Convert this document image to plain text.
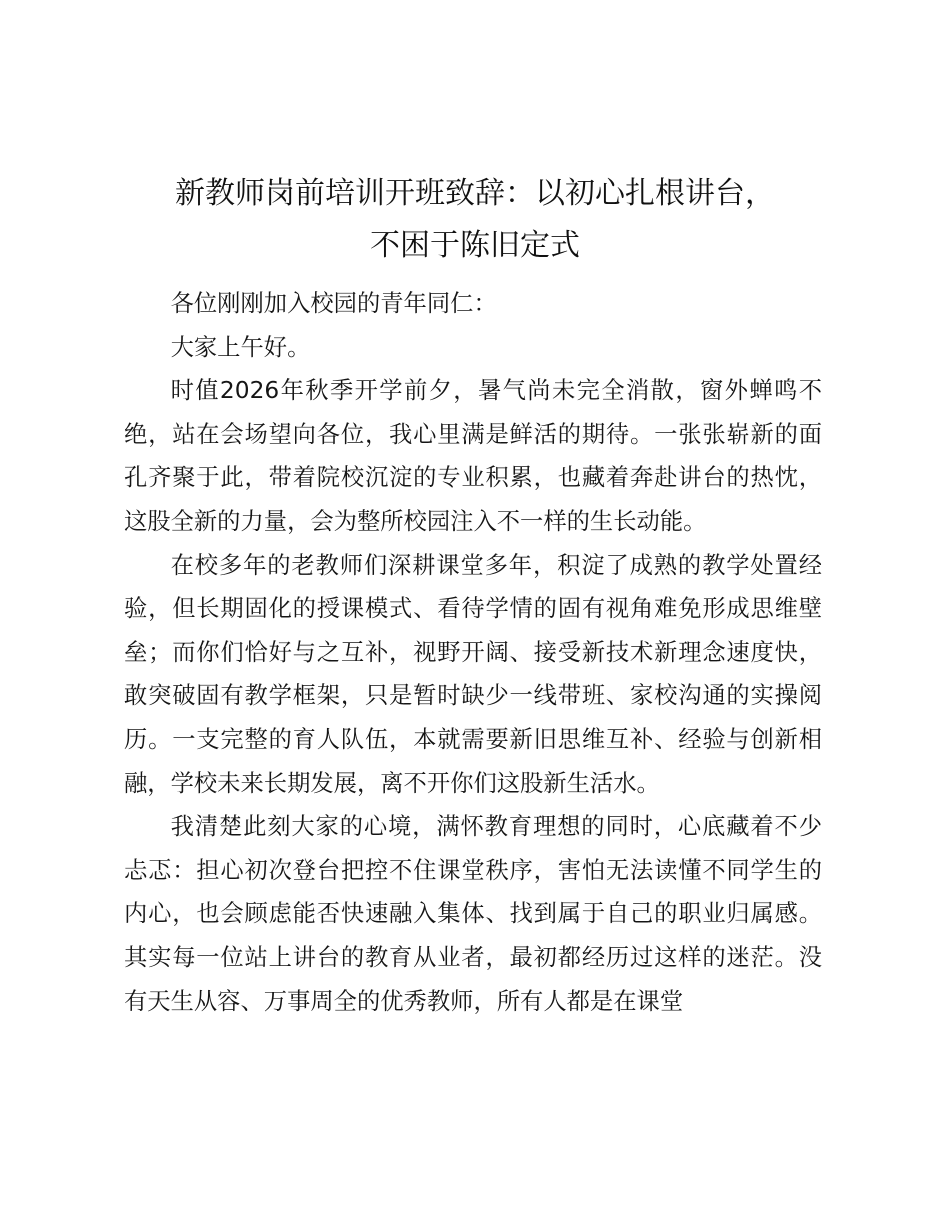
新教师岗前培训开班致辞：以初心扎根讲台，
不困于陈旧定式

各位刚刚加入校园的青年同仁：

大家上午好。

时值2026年秋季开学前夕，暑气尚未完全消散，窗外蝉鸣不绝，站在会场望向各位，我心里满是鲜活的期待。一张张崭新的面孔齐聚于此，带着院校沉淀的专业积累，也藏着奔赴讲台的热忱，这股全新的力量，会为整所校园注入不一样的生长动能。

在校多年的老教师们深耕课堂多年，积淀了成熟的教学处置经验，但长期固化的授课模式、看待学情的固有视角难免形成思维壁垒；而你们恰好与之互补，视野开阔、接受新技术新理念速度快，敢突破固有教学框架，只是暂时缺少一线带班、家校沟通的实操阅历。一支完整的育人队伍，本就需要新旧思维互补、经验与创新相融，学校未来长期发展，离不开你们这股新生活水。

我清楚此刻大家的心境，满怀教育理想的同时，心底藏着不少忐忑：担心初次登台把控不住课堂秩序，害怕无法读懂不同学生的内心，也会顾虑能否快速融入集体、找到属于自己的职业归属感。其实每一位站上讲台的教育从业者，最初都经历过这样的迷茫。没有天生从容、万事周全的优秀教师，所有人都是在课堂
